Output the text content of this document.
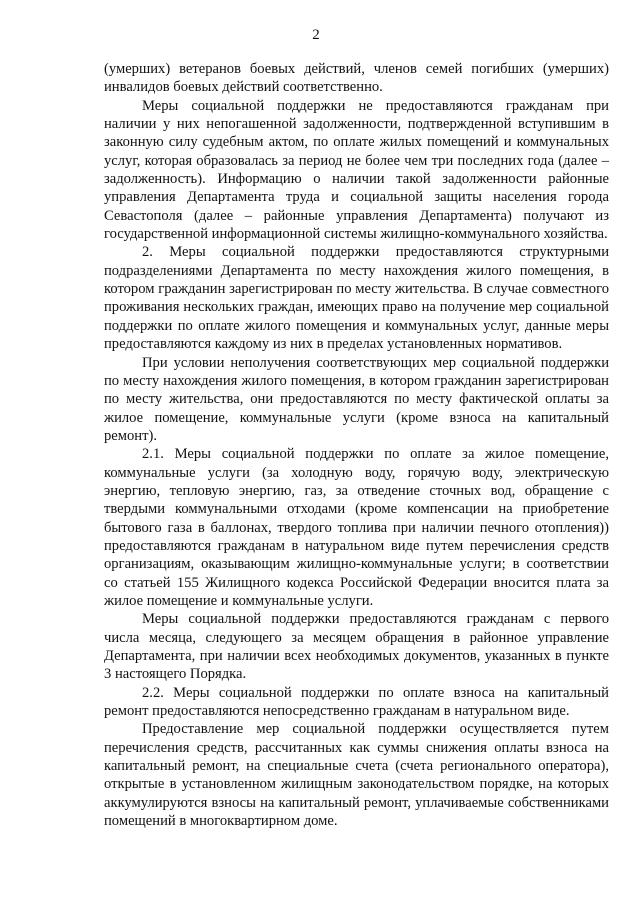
2

(умерших) ветеранов боевых действий, членов семей погибших (умерших) инвалидов боевых действий соответственно.

Меры социальной поддержки не предоставляются гражданам при наличии у них непогашенной задолженности, подтвержденной вступившим в законную силу судебным актом, по оплате жилых помещений и коммунальных услуг, которая образовалась за период не более чем три последних года (далее – задолженность). Информацию о наличии такой задолженности районные управления Департамента труда и социальной защиты населения города Севастополя (далее – районные управления Департамента) получают из государственной информационной системы жилищно-коммунального хозяйства.

2. Меры социальной поддержки предоставляются структурными подразделениями Департамента по месту нахождения жилого помещения, в котором гражданин зарегистрирован по месту жительства. В случае совместного проживания нескольких граждан, имеющих право на получение мер социальной поддержки по оплате жилого помещения и коммунальных услуг, данные меры предоставляются каждому из них в пределах установленных нормативов.

При условии неполучения соответствующих мер социальной поддержки по месту нахождения жилого помещения, в котором гражданин зарегистрирован по месту жительства, они предоставляются по месту фактической оплаты за жилое помещение, коммунальные услуги (кроме взноса на капитальный ремонт).

2.1. Меры социальной поддержки по оплате за жилое помещение, коммунальные услуги (за холодную воду, горячую воду, электрическую энергию, тепловую энергию, газ, за отведение сточных вод, обращение с твердыми коммунальными отходами (кроме компенсации на приобретение бытового газа в баллонах, твердого топлива при наличии печного отопления)) предоставляются гражданам в натуральном виде путем перечисления средств организациям, оказывающим жилищно-коммунальные услуги; в соответствии со статьей 155 Жилищного кодекса Российской Федерации вносится плата за жилое помещение и коммунальные услуги.

Меры социальной поддержки предоставляются гражданам с первого числа месяца, следующего за месяцем обращения в районное управление Департамента, при наличии всех необходимых документов, указанных в пункте 3 настоящего Порядка.

2.2. Меры социальной поддержки по оплате взноса на капитальный ремонт предоставляются непосредственно гражданам в натуральном виде.

Предоставление мер социальной поддержки осуществляется путем перечисления средств, рассчитанных как суммы снижения оплаты взноса на капитальный ремонт, на специальные счета (счета регионального оператора), открытые в установленном жилищным законодательством порядке, на которых аккумулируются взносы на капитальный ремонт, уплачиваемые собственниками помещений в многоквартирном доме.
